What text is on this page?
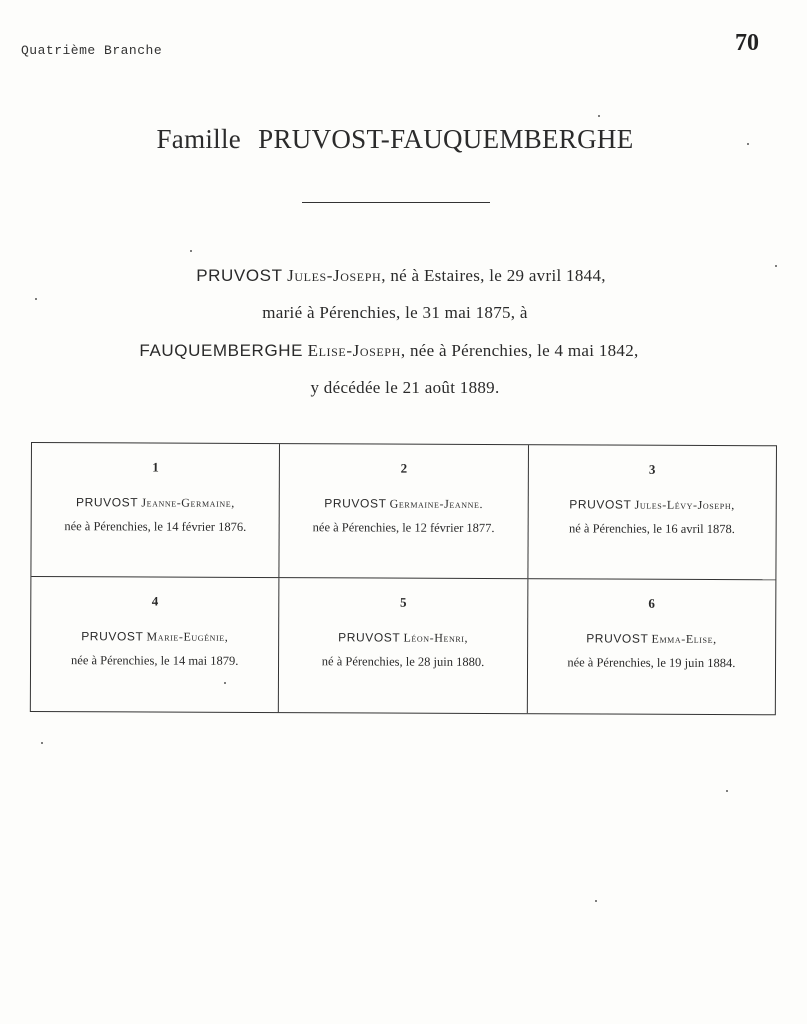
Quatrième Branche	70
Famille PRUVOST-FAUQUEMBERGHE
PRUVOST Jules-Joseph, né à Estaires, le 29 avril 1844,
marié à Pérenchies, le 31 mai 1875, à
FAUQUEMBERGHE Elise-Joseph, née à Pérenchies, le 4 mai 1842,
y décédée le 21 août 1889.
1
PRUVOST Jeanne-Germaine,
née à Pérenchies, le 14 février 1876.
2
PRUVOST Germaine-Jeanne.
née à Pérenchies, le 12 février 1877.
3
PRUVOST Jules-Lévy-Joseph,
né à Pérenchies, le 16 avril 1878.
4
PRUVOST Marie-Eugénie,
née à Pérenchies, le 14 mai 1879.
5
PRUVOST Léon-Henri,
né à Pérenchies, le 28 juin 1880.
6
PRUVOST Emma-Elise,
née à Pérenchies, le 19 juin 1884.
